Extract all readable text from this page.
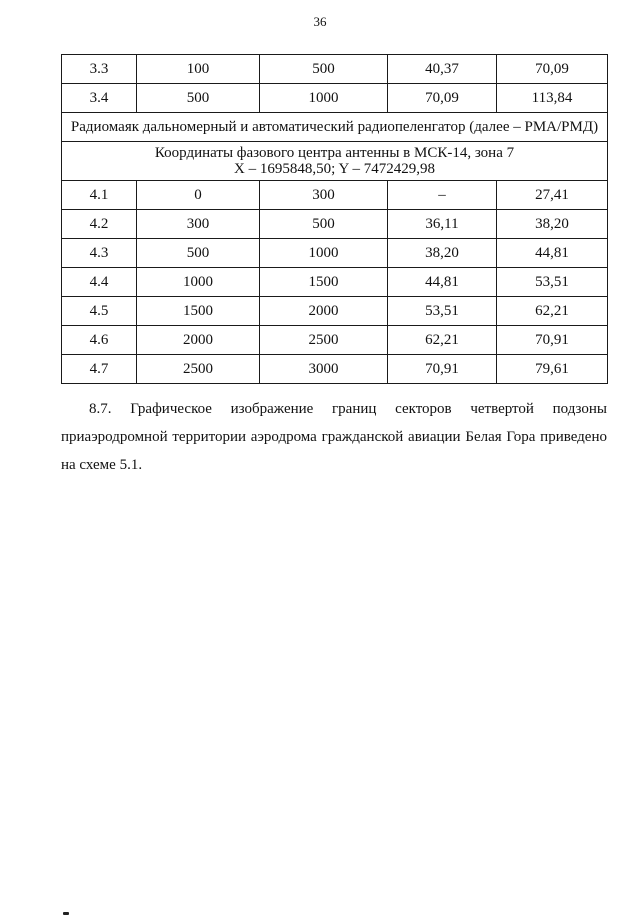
36
3.3	100	500	40,37	70,09
3.4	500	1000	70,09	113,84
Радиомаяк дальномерный и автоматический радиопеленгатор (далее – РМА/РМД)				

Координаты фазового центра антенны в МСК-14, зона 7
X – 1695848,50; Y – 7472429,98				

4.1	0	300	–	27,41
4.2	300	500	36,11	38,20
4.3	500	1000	38,20	44,81
4.4	1000	1500	44,81	53,51
4.5	1500	2000	53,51	62,21
4.6	2000	2500	62,21	70,91
4.7	2500	3000	70,91	79,61

8.7. Графическое изображение границ секторов четвертой подзоны приаэродромной территории аэродрома гражданской авиации Белая Гора приведено на схеме 5.1.
